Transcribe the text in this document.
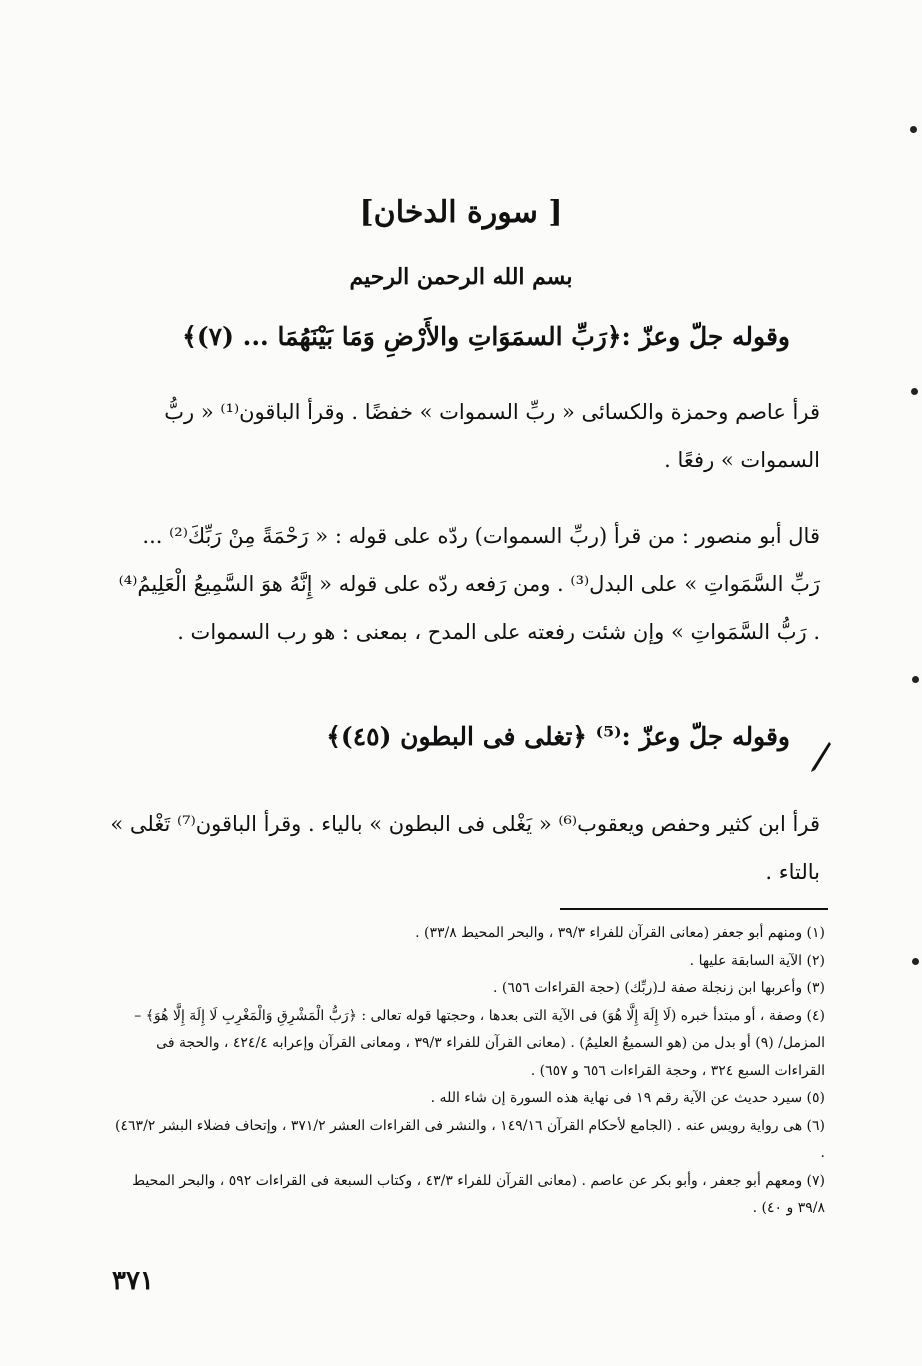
[ سورة الدخان]
بسم الله الرحمن الرحيم
وقوله جلّ وعزّ :﴿رَبِّ السمَوَاتِ والأَرْضِ وَمَا بَيْنَهُمَا ... (٧)﴾
قرأ عاصم وحمزة والكسائى « ربِّ السموات » خفضًا . وقرأ الباقون⁽¹⁾ « ربُّ السموات » رفعًا .
قال أبو منصور : من قرأ (ربِّ السموات) ردّه على قوله : « رَحْمَةً مِنْ رَبِّكَ⁽²⁾ ... رَبِّ السَّمَواتِ » على البدل⁽³⁾ . ومن رَفعه ردّه على قوله « إِنَّهُ هوَ السَّمِيعُ الْعَلِيمُ⁽⁴⁾ . رَبُّ السَّمَواتِ » وإن شئت رفعته على المدح ، بمعنى : هو رب السموات .
وقوله جلّ وعزّ :⁽⁵⁾ ﴿تغلى فى البطون (٤٥)﴾
قرأ ابن كثير وحفص ويعقوب⁽⁶⁾ « يَغْلى فى البطون » بالياء . وقرأ الباقون⁽⁷⁾ تَغْلى » بالتاء .
(١) ومنهم أبو جعفر (معانى القرآن للفراء ٣٩/٣ ، والبحر المحيط ٣٣/٨) .
(٢) الآية السابقة عليها .
(٣) وأعربها ابن زنجلة صفة لـ(ربِّك) (حجة القراءات ٦٥٦) .
(٤) وصفة ، أو مبتدأ خبره (لَا إِلَهَ إِلَّا هُوَ) فى الآية التى بعدها ، وحجتها قوله تعالى : ﴿رَبُّ الْمَشْرِقِ وَالْمَغْرِبِ لَا إِلَهَ إِلَّا هُوَ﴾ – المزمل/ (٩) أو بدل من (هو السميعُ العليمُ) . (معانى القرآن للفراء ٣٩/٣ ، ومعانى القرآن وإعرابه ٤٢٤/٤ ، والحجة فى القراءات السبع ٣٢٤ ، وحجة القراءات ٦٥٦ و ٦٥٧) .
(٥) سيرد حديث عن الآية رقم ١٩ فى نهاية هذه السورة إن شاء الله .
(٦) هى رواية رويس عنه . (الجامع لأحكام القرآن ١٤٩/١٦ ، والنشر فى القراءات العشر ٣٧١/٢ ، وإتحاف فضلاء البشر ٤٦٣/٢) .
(٧) ومعهم أبو جعفر ، وأبو بكر عن عاصم . (معانى القرآن للفراء ٤٣/٣ ، وكتاب السبعة فى القراءات ٥٩٢ ، والبحر المحيط ٣٩/٨ و ٤٠) .
٣٧١
